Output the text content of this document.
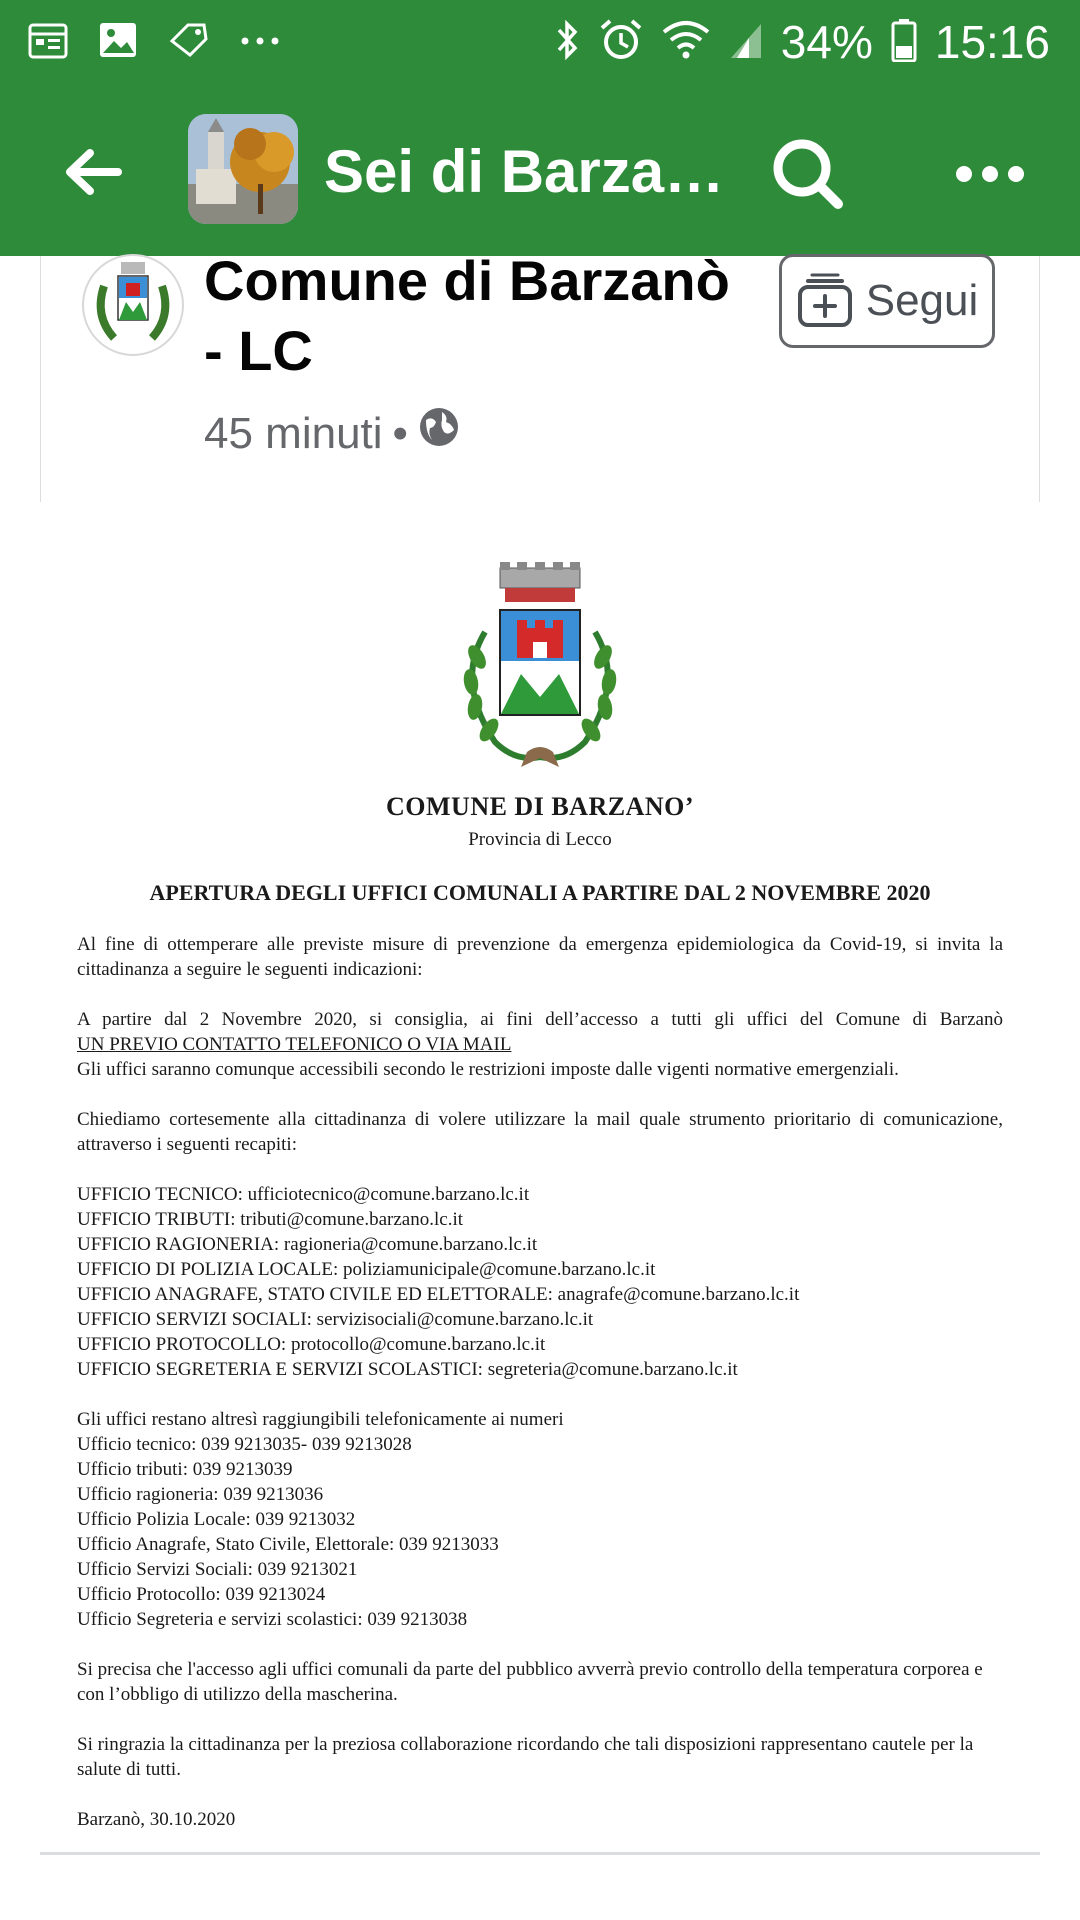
34% 15:16
Sei di Barza…
Comune di Barzanò - LC
45 minuti •
Segui
COMUNE DI BARZANO’
Provincia di Lecco
APERTURA DEGLI UFFICI COMUNALI A PARTIRE DAL 2 NOVEMBRE 2020

Al fine di ottemperare alle previste misure di prevenzione da emergenza epidemiologica da Covid-19, si invita la cittadinanza a seguire le seguenti indicazioni:

A partire dal 2 Novembre 2020, si consiglia, ai fini dell’accesso a tutti gli uffici del Comune di Barzanò

UN PREVIO CONTATTO TELEFONICO O VIA MAIL

Gli uffici saranno comunque accessibili secondo le restrizioni imposte dalle vigenti normative emergenziali.

Chiediamo cortesemente alla cittadinanza di volere utilizzare la mail quale strumento prioritario di comunicazione, attraverso i seguenti recapiti:

UFFICIO TECNICO: ufficiotecnico@comune.barzano.lc.it

UFFICIO TRIBUTI: tributi@comune.barzano.lc.it

UFFICIO RAGIONERIA: ragioneria@comune.barzano.lc.it

UFFICIO DI POLIZIA LOCALE: poliziamunicipale@comune.barzano.lc.it

UFFICIO ANAGRAFE, STATO CIVILE ED ELETTORALE: anagrafe@comune.barzano.lc.it

UFFICIO SERVIZI SOCIALI: servizisociali@comune.barzano.lc.it

UFFICIO PROTOCOLLO: protocollo@comune.barzano.lc.it

UFFICIO SEGRETERIA E SERVIZI SCOLASTICI: segreteria@comune.barzano.lc.it

Gli uffici restano altresì raggiungibili telefonicamente ai numeri

Ufficio tecnico: 039 9213035- 039 9213028

Ufficio tributi: 039 9213039

Ufficio ragioneria: 039 9213036

Ufficio Polizia Locale: 039 9213032

Ufficio Anagrafe, Stato Civile, Elettorale: 039 9213033

Ufficio Servizi Sociali: 039 9213021

Ufficio Protocollo: 039 9213024

Ufficio Segreteria e servizi scolastici: 039 9213038

Si precisa che l'accesso agli uffici comunali da parte del pubblico avverrà previo controllo della temperatura corporea e con l’obbligo di utilizzo della mascherina.

Si ringrazia la cittadinanza per la preziosa collaborazione ricordando che tali disposizioni rappresentano cautele per la salute di tutti.

Barzanò, 30.10.2020
